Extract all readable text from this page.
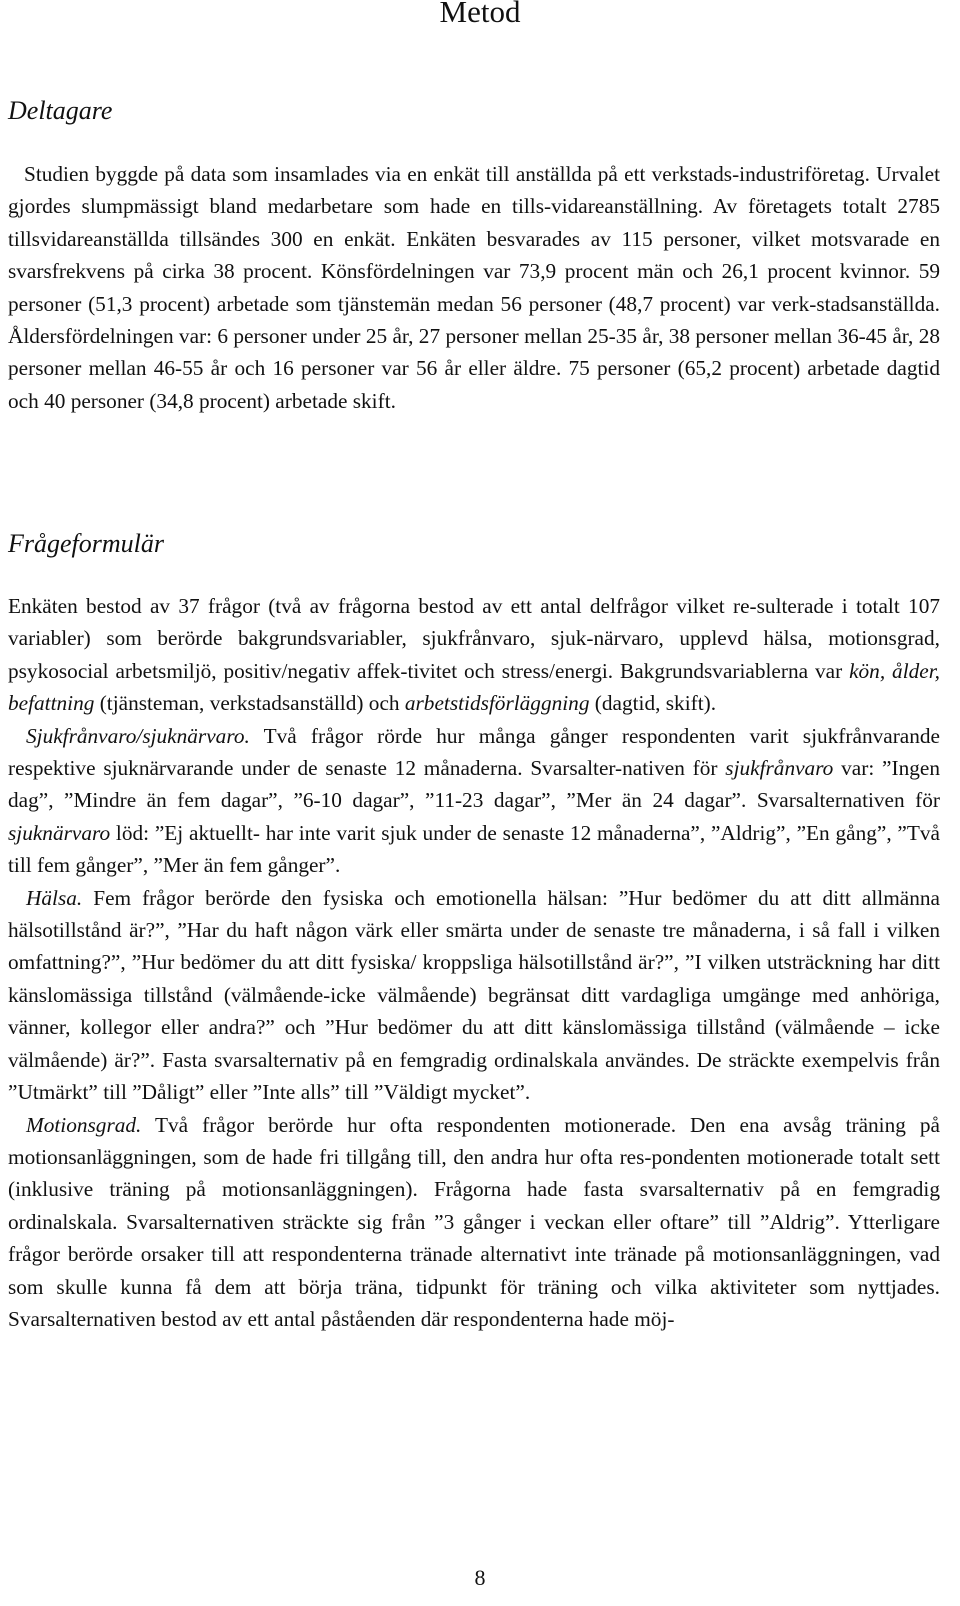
Metod
Deltagare

Studien byggde på data som insamlades via en enkät till anställda på ett verkstads-industriföretag. Urvalet gjordes slumpmässigt bland medarbetare som hade en tills-vidareanställning. Av företagets totalt 2785 tillsvidareanställda tillsändes 300 en enkät. Enkäten besvarades av 115 personer, vilket motsvarade en svarsfrekvens på cirka 38 procent. Könsfördelningen var 73,9 procent män och 26,1 procent kvinnor. 59 personer (51,3 procent) arbetade som tjänstemän medan 56 personer (48,7 procent) var verk-stadsanställda. Åldersfördelningen var: 6 personer under 25 år, 27 personer mellan 25-35 år, 38 personer mellan 36-45 år, 28 personer mellan 46-55 år och 16 personer var 56 år eller äldre. 75 personer (65,2 procent) arbetade dagtid och 40 personer (34,8 procent) arbetade skift.

Frågeformulär
Enkäten bestod av 37 frågor (två av frågorna bestod av ett antal delfrågor vilket re-sulterade i totalt 107 variabler) som berörde bakgrundsvariabler, sjukfrånvaro, sjuk-närvaro, upplevd hälsa, motionsgrad, psykosocial arbetsmiljö, positiv/negativ affek-tivitet och stress/energi. Bakgrundsvariablerna var kön, ålder, befattning (tjänsteman, verkstadsanställd) och arbetstidsförläggning (dagtid, skift).
Sjukfrånvaro/sjuknärvaro. Två frågor rörde hur många gånger respondenten varit sjukfrånvarande respektive sjuknärvarande under de senaste 12 månaderna. Svarsalter-nativen för sjukfrånvaro var: ”Ingen dag”, ”Mindre än fem dagar”, ”6-10 dagar”, ”11-23 dagar”, ”Mer än 24 dagar”. Svarsalternativen för sjuknärvaro löd: ”Ej aktuellt- har inte varit sjuk under de senaste 12 månaderna”, ”Aldrig”, ”En gång”, ”Två till fem gånger”, ”Mer än fem gånger”.
Hälsa. Fem frågor berörde den fysiska och emotionella hälsan: ”Hur bedömer du att ditt allmänna hälsotillstånd är?”, ”Har du haft någon värk eller smärta under de senaste tre månaderna, i så fall i vilken omfattning?”, ”Hur bedömer du att ditt fysiska/ kroppsliga hälsotillstånd är?”, ”I vilken utsträckning har ditt känslomässiga tillstånd (välmående-icke välmående) begränsat ditt vardagliga umgänge med anhöriga, vänner, kollegor eller andra?” och ”Hur bedömer du att ditt känslomässiga tillstånd (välmående – icke välmående) är?”. Fasta svarsalternativ på en femgradig ordinalskala användes. De sträckte exempelvis från ”Utmärkt” till ”Dåligt” eller ”Inte alls” till ”Väldigt mycket”.
Motionsgrad. Två frågor berörde hur ofta respondenten motionerade. Den ena avsåg träning på motionsanläggningen, som de hade fri tillgång till, den andra hur ofta res-pondenten motionerade totalt sett (inklusive träning på motionsanläggningen). Frågorna hade fasta svarsalternativ på en femgradig ordinalskala. Svarsalternativen sträckte sig från ”3 gånger i veckan eller oftare” till ”Aldrig”. Ytterligare frågor berörde orsaker till att respondenterna tränade alternativt inte tränade på motionsanläggningen, vad som skulle kunna få dem att börja träna, tidpunkt för träning och vilka aktiviteter som nyttjades. Svarsalternativen bestod av ett antal påståenden där respondenterna hade möj-
8
